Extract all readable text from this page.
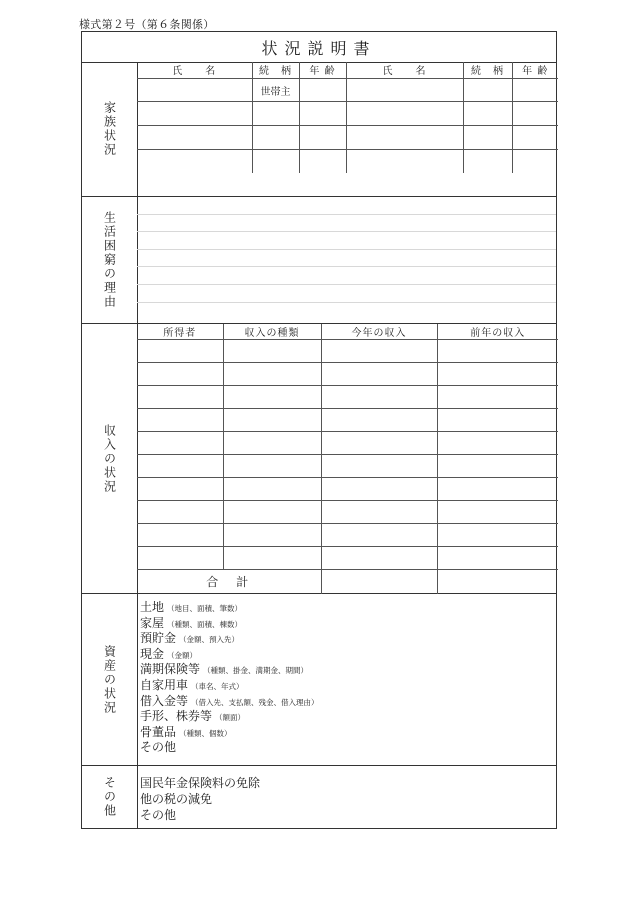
様式第２号（第６条関係）
状況説明書
家族状況
氏　　名	続　柄	年 齢	氏　　名	続　柄	年 齢
	世帯主				

生活困窮の理由
収入の状況
所得者	収入の種類	今年の収入	前年の収入

合　計			
資産の状況
土地 （地目、面積、筆数）
家屋 （種類、面積、棟数）
預貯金 （金額、預入先）
現金 （金額）
満期保険等 （種類、掛金、満期金、期間）
自家用車 （車名、年式）
借入金等 （借入先、支払額、残金、借入理由）
手形、株券等 （額面）
骨董品 （種類、個数）
その他
その他 国民年金保険料の免除
他の税の減免
その他
